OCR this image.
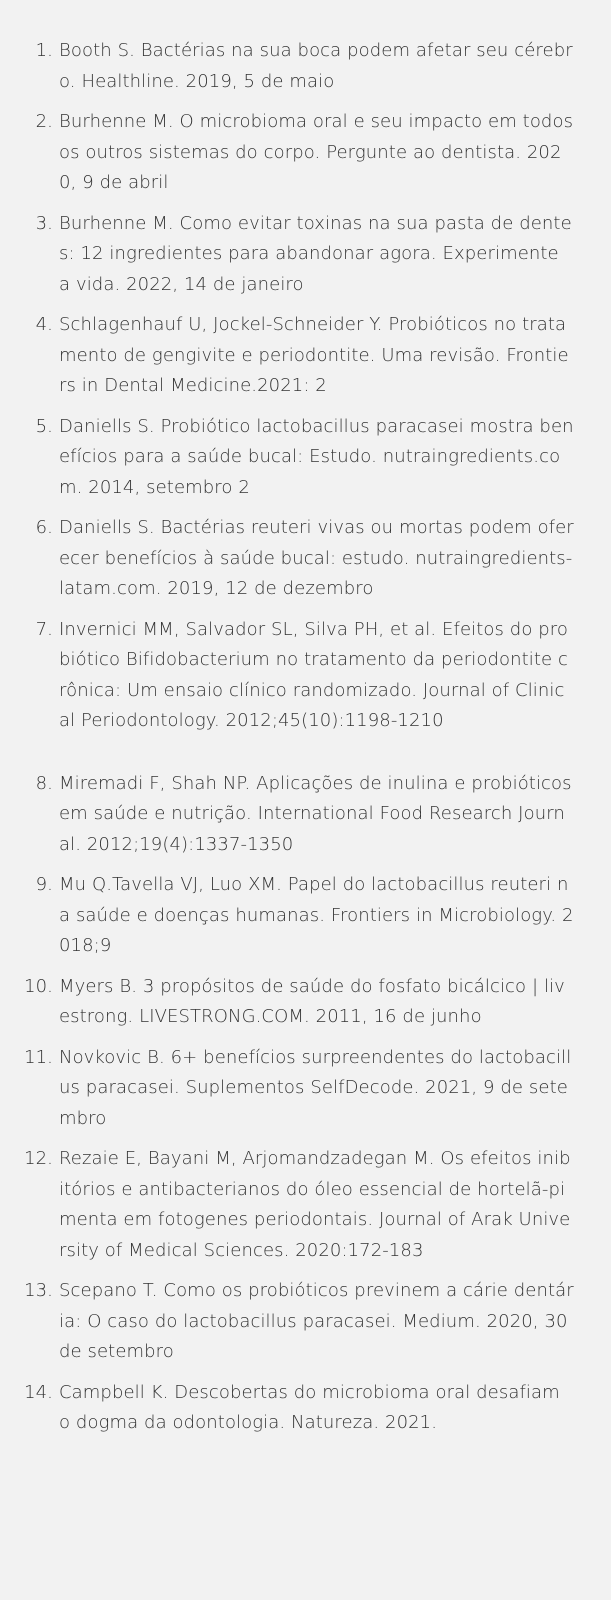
1. Booth S. Bactérias na sua boca podem afetar seu cérebro. Healthline. 2019, 5 de maio
2. Burhenne M. O microbioma oral e seu impacto em todos os outros sistemas do corpo. Pergunte ao dentista. 2020, 9 de abril
3. Burhenne M. Como evitar toxinas na sua pasta de dentes: 12 ingredientes para abandonar agora. Experimente a vida. 2022, 14 de janeiro
4. Schlagenhauf U, Jockel-Schneider Y. Probióticos no tratamento de gengivite e periodontite. Uma revisão. Frontiers in Dental Medicine.2021: 2
5. Daniells S. Probiótico lactobacillus paracasei mostra benefícios para a saúde bucal: Estudo. nutraingredients.com. 2014, setembro 2
6. Daniells S. Bactérias reuteri vivas ou mortas podem oferecer benefícios à saúde bucal: estudo. nutraingredients-latam.com. 2019, 12 de dezembro
7. Invernici MM, Salvador SL, Silva PH, et al. Efeitos do probiótico Bifidobacterium no tratamento da periodontite crônica: Um ensaio clínico randomizado. Journal of Clinical Periodontology. 2012;45(10):1198-1210
8. Miremadi F, Shah NP. Aplicações de inulina e probióticos em saúde e nutrição. International Food Research Journal. 2012;19(4):1337-1350
9. Mu Q.Tavella VJ, Luo XM. Papel do lactobacillus reuteri na saúde e doenças humanas. Frontiers in Microbiology. 2018;9
10. Myers B. 3 propósitos de saúde do fosfato bicálcico | livestrong. LIVESTRONG.COM. 2011, 16 de junho
11. Novkovic B. 6+ benefícios surpreendentes do lactobacillus paracasei. Suplementos SelfDecode. 2021, 9 de setembro
12. Rezaie E, Bayani M, Arjomandzadegan M. Os efeitos inibitórios e antibacterianos do óleo essencial de hortelã-pimenta em fotogenes periodontais. Journal of Arak University of Medical Sciences. 2020:172-183
13. Scepano T. Como os probióticos previnem a cárie dentária: O caso do lactobacillus paracasei. Medium. 2020, 30 de setembro
14. Campbell K. Descobertas do microbioma oral desafiam o dogma da odontologia. Natureza. 2021.
